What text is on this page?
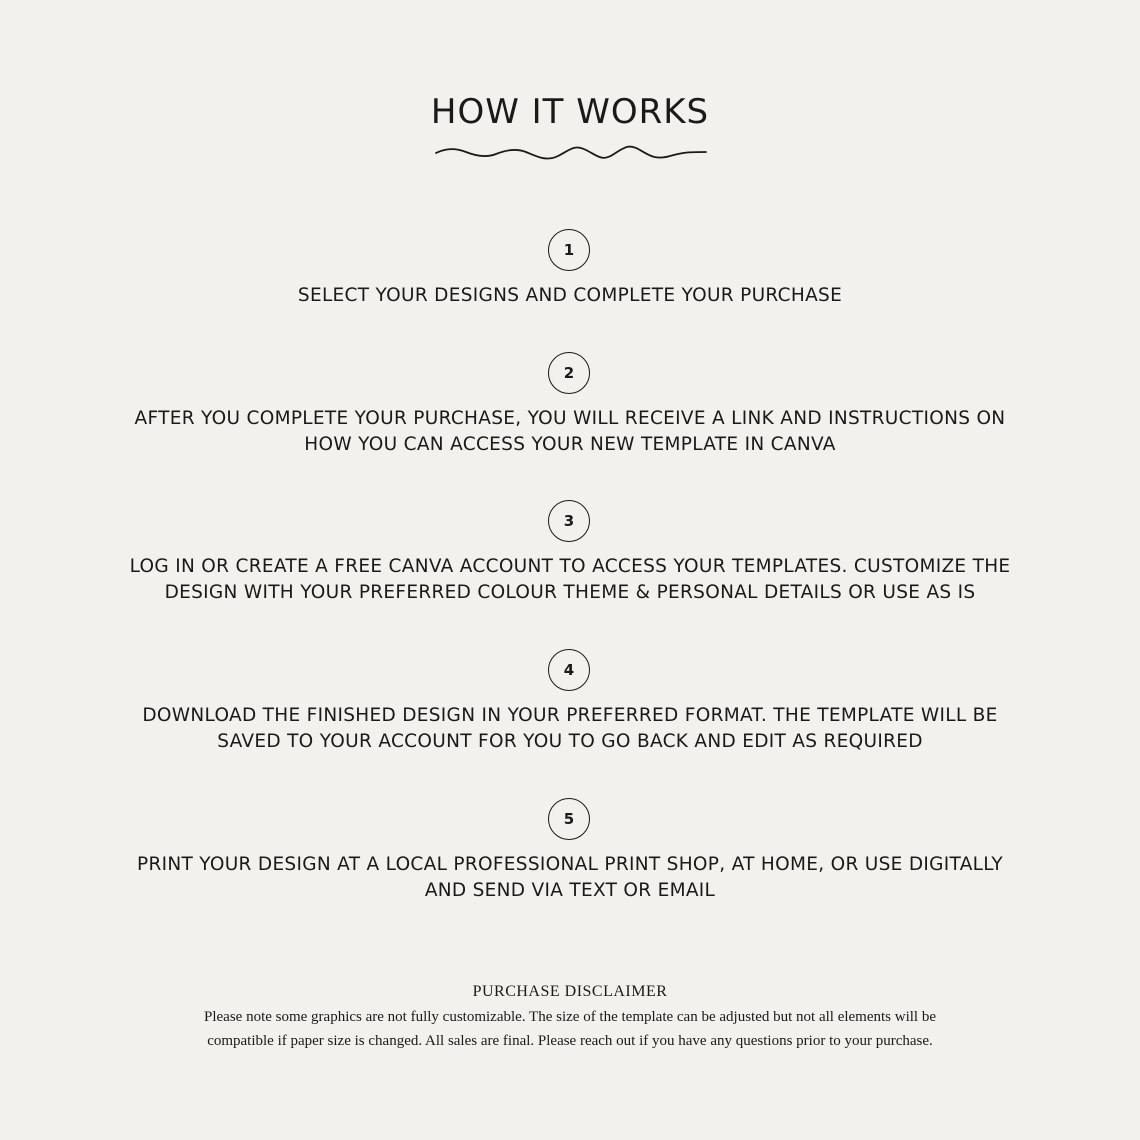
HOW IT WORKS
1
SELECT YOUR DESIGNS AND COMPLETE YOUR PURCHASE
2
AFTER YOU COMPLETE YOUR PURCHASE, YOU WILL RECEIVE A LINK AND INSTRUCTIONS ON
HOW YOU CAN ACCESS YOUR NEW TEMPLATE IN CANVA
3
LOG IN OR CREATE A FREE CANVA ACCOUNT TO ACCESS YOUR TEMPLATES. CUSTOMIZE THE
DESIGN WITH YOUR PREFERRED COLOUR THEME & PERSONAL DETAILS OR USE AS IS
4
DOWNLOAD THE FINISHED DESIGN IN YOUR PREFERRED FORMAT. THE TEMPLATE WILL BE
SAVED TO YOUR ACCOUNT FOR YOU TO GO BACK AND EDIT AS REQUIRED
5
PRINT YOUR DESIGN AT A LOCAL PROFESSIONAL PRINT SHOP, AT HOME, OR USE DIGITALLY
AND SEND VIA TEXT OR EMAIL
PURCHASE DISCLAIMER
Please note some graphics are not fully customizable. The size of the template can be adjusted but not all elements will be
compatible if paper size is changed. All sales are final. Please reach out if you have any questions prior to your purchase.
